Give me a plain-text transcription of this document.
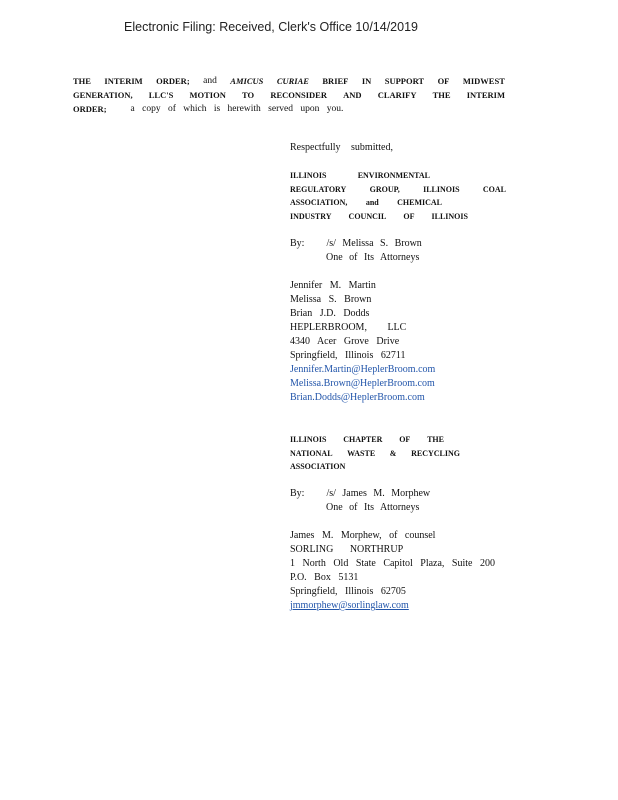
Electronic Filing: Received, Clerk's Office 10/14/2019
THE INTERIM ORDER; and AMICUS CURIAE BRIEF IN SUPPORT OF MIDWEST
GENERATION, LLC'S MOTION TO RECONSIDER AND CLARIFY THE INTERIM
ORDER;	a copy of which is herewith served upon you.
Respectfully submitted,
ILLINOIS	ENVIRONMENTAL
REGULATORY	GROUP,	ILLINOIS	COAL
ASSOCIATION, and CHEMICAL
INDUSTRY COUNCIL OF ILLINOIS
By: /s/ Melissa S. Brown
One of Its Attorneys
Jennifer M. Martin
Melissa S. Brown
Brian J.D. Dodds
HEPLERBROOM, LLC
4340 Acer Grove Drive
Springfield, Illinois 62711
Jennifer.Martin@HeplerBroom.com
Melissa.Brown@HeplerBroom.com
Brian.Dodds@HeplerBroom.com
ILLINOIS CHAPTER OF THE
NATIONAL WASTE & RECYCLING
ASSOCIATION
By: /s/ James M. Morphew
One of Its Attorneys
James M. Morphew, of counsel
SORLING NORTHRUP
1 North Old State Capitol Plaza, Suite 200
P.O. Box 5131
Springfield, Illinois 62705
jmmorphew@sorlinglaw.com
